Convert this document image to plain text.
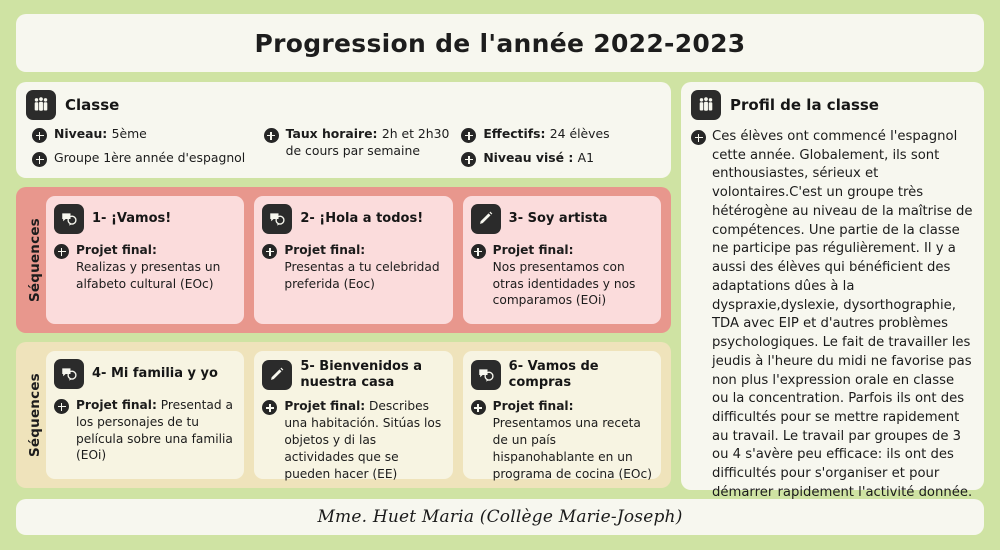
Progression de l'année 2022-2023
Classe
Niveau: 5ème
Groupe 1ère année d'espagnol
Taux horaire: 2h et 2h30 de cours par semaine
Effectifs: 24 élèves
Niveau visé : A1
Séquences	1- ¡Vamos!
Projet final:
Realizas y presentas un alfabeto cultural (EOc)
2- ¡Hola a todos!
Projet final:
Presentas a tu celebridad preferida (Eoc)
3- Soy artista
Projet final:
Nos presentamos con otras identidades y nos comparamos (EOi)
Séquences	4- Mi familia y yo
Projet final: Presentad a los personajes de tu película sobre una familia (EOi)
5- Bienvenidos a nuestra casa
Projet final: Describes una habitación. Sitúas los objetos y di las actividades que se pueden hacer (EE)
6- Vamos de compras
Projet final: Presentamos una receta de un país hispanohablante en un programa de cocina (EOc)
Profil de la classe
Ces élèves ont commencé l'espagnol cette année. Globalement, ils sont enthousiastes, sérieux et volontaires.C'est un groupe très hétérogène au niveau de la maîtrise de compétences. Une partie de la classe ne participe pas régulièrement. Il y a aussi des élèves qui bénéficient des adaptations dûes à la dyspraxie,dyslexie, dysorthographie, TDA avec EIP et d'autres problèmes psychologiques. Le fait de travailler les jeudis à l'heure du midi ne favorise pas non plus l'expression orale en classe ou la concentration. Parfois ils ont des difficultés pour se mettre rapidement au travail. Le travail par groupes de 3 ou 4 s'avère peu efficace: ils ont des difficultés pour s'organiser et pour démarrer rapidement l'activité donnée.
Mme. Huet Maria (Collège Marie-Joseph)
